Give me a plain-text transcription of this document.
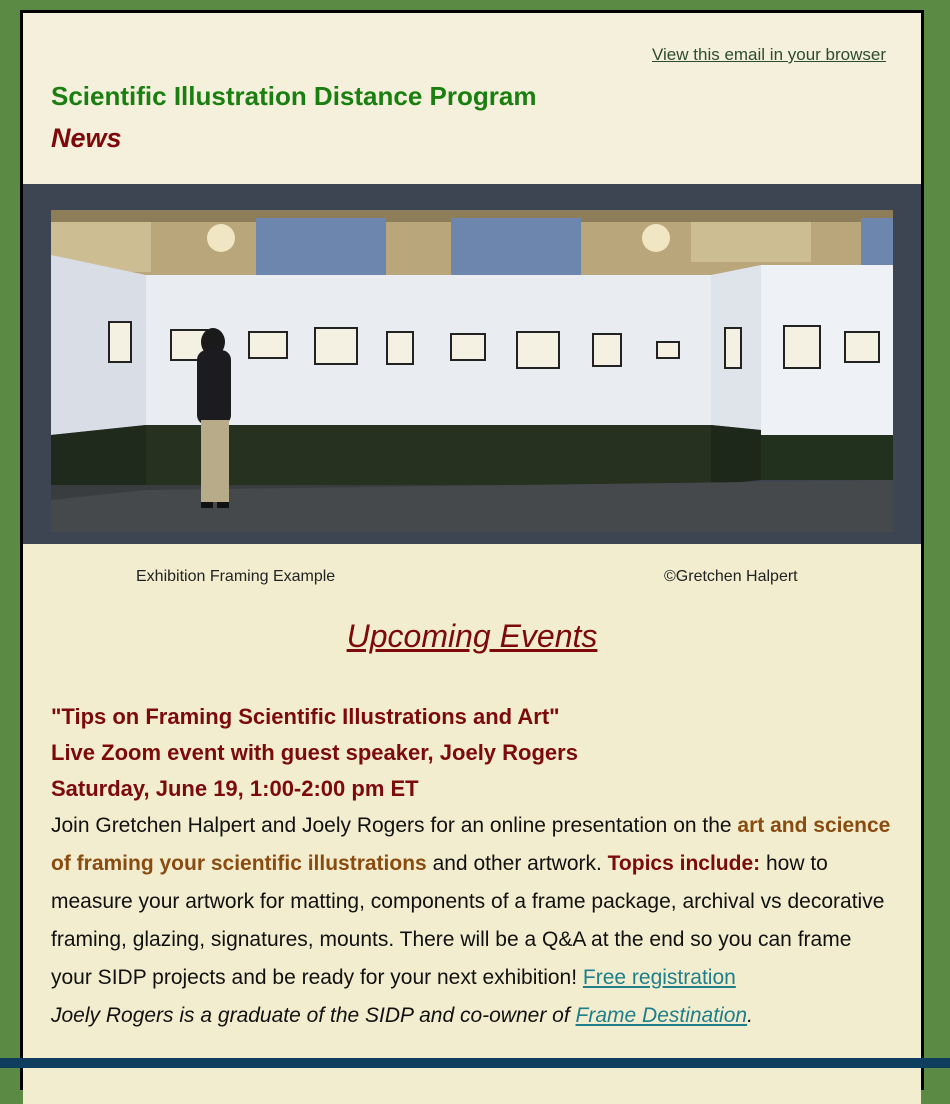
View this email in your browser
Scientific Illustration Distance Program
News
Exhibition Framing Example	©Gretchen Halpert
Upcoming Events

"Tips on Framing Scientific Illustrations and Art"

Live Zoom event with guest speaker, Joely Rogers

Saturday, June 19, 1:00-2:00 pm ET

Join Gretchen Halpert and Joely Rogers for an online presentation on the art and science of framing your scientific illustrations and other artwork. Topics include: how to measure your artwork for matting, components of a frame package, archival vs decorative framing, glazing, signatures, mounts. There will be a Q&A at the end so you can frame your SIDP projects and be ready for your next exhibition! Free registration

Joely Rogers is a graduate of the SIDP and co-owner of Frame Destination.
